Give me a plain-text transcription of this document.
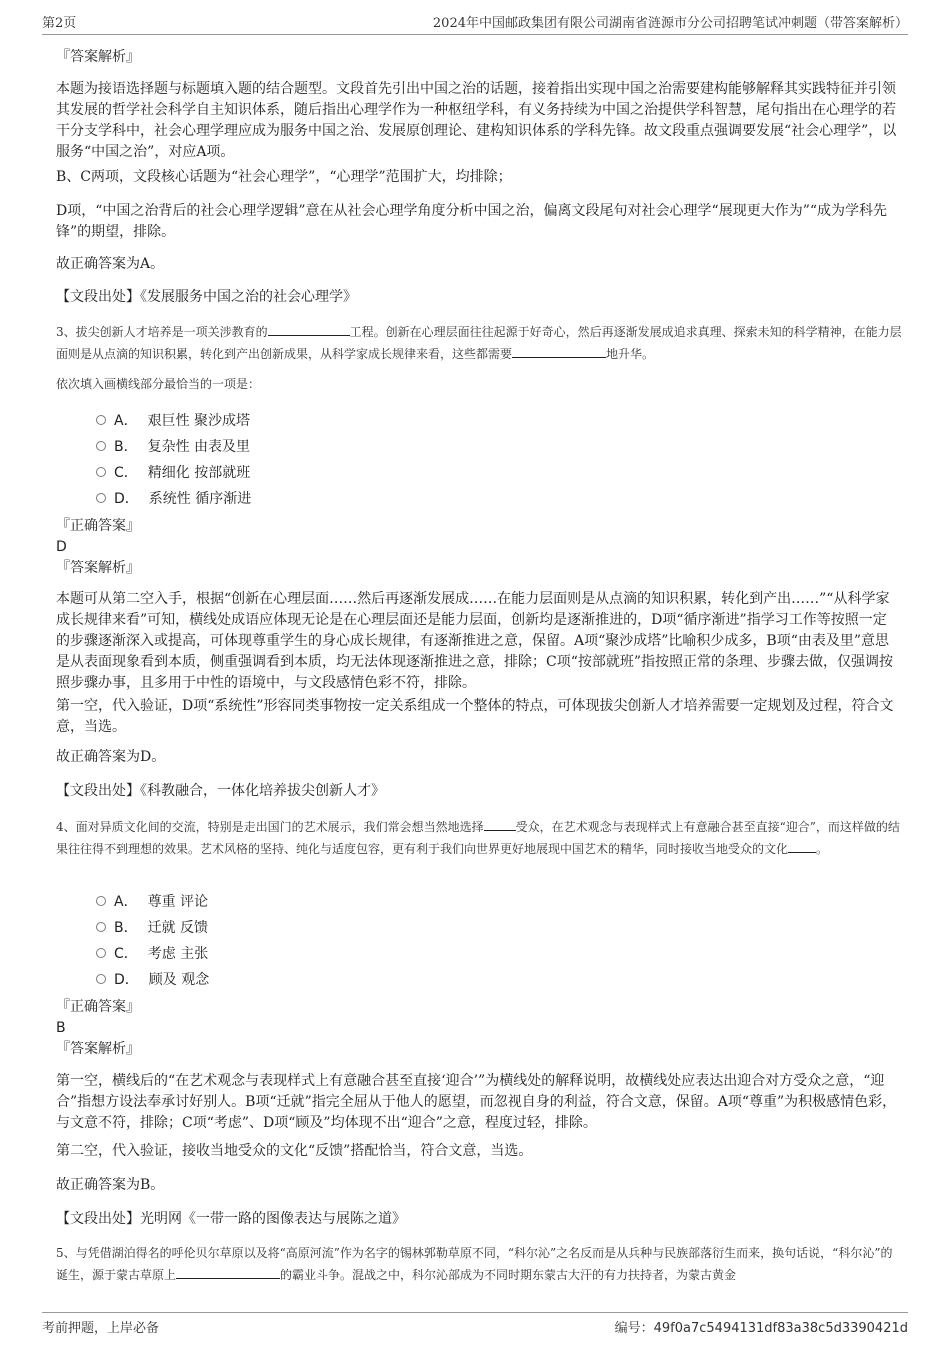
第2页	2024年中国邮政集团有限公司湖南省涟源市分公司招聘笔试冲刺题（带答案解析）
『答案解析』

本题为接语选择题与标题填入题的结合题型。文段首先引出中国之治的话题，接着指出实现中国之治需要建构能够解释其实践特征并引领其发展的哲学社会科学自主知识体系，随后指出心理学作为一种枢纽学科，有义务持续为中国之治提供学科智慧，尾句指出在心理学的若干分支学科中，社会心理学理应成为服务中国之治、发展原创理论、建构知识体系的学科先锋。故文段重点强调要发展“社会心理学”，以服务“中国之治”，对应A项。

B、C两项，文段核心话题为“社会心理学”，“心理学”范围扩大，均排除；

D项，“中国之治背后的社会心理学逻辑”意在从社会心理学角度分析中国之治，偏离文段尾句对社会心理学“展现更大作为”“成为学科先锋”的期望，排除。

故正确答案为A。

【文段出处】《发展服务中国之治的社会心理学》

3、拔尖创新人才培养是一项关涉教育的	工程。创新在心理层面往往起源于好奇心，然后再逐渐发展成追求真理、探索未知的科学精神，在能力层面则是从点滴的知识积累，转化到产出创新成果，从科学家成长规律来看，这些都需要	地升华。

依次填入画横线部分最恰当的一项是：

A． 艰巨性 聚沙成塔
B． 复杂性 由表及里
C． 精细化 按部就班
D． 系统性 循序渐进
『正确答案』
D
『答案解析』

本题可从第二空入手，根据“创新在心理层面……然后再逐渐发展成……在能力层面则是从点滴的知识积累，转化到产出……”“从科学家成长规律来看”可知，横线处成语应体现无论是在心理层面还是能力层面，创新均是逐渐推进的，D项“循序渐进”指学习工作等按照一定的步骤逐渐深入或提高，可体现尊重学生的身心成长规律，有逐渐推进之意，保留。A项“聚沙成塔”比喻积少成多，B项“由表及里”意思是从表面现象看到本质，侧重强调看到本质，均无法体现逐渐推进之意，排除；C项“按部就班”指按照正常的条理、步骤去做，仅强调按照步骤办事，且多用于中性的语境中，与文段感情色彩不符，排除。

第一空，代入验证，D项“系统性”形容同类事物按一定关系组成一个整体的特点，可体现拔尖创新人才培养需要一定规划及过程，符合文意，当选。

故正确答案为D。

【文段出处】《科教融合，一体化培养拔尖创新人才》

4、面对异质文化间的交流，特别是走出国门的艺术展示，我们常会想当然地选择	受众，在艺术观念与表现样式上有意融合甚至直接“迎合”，而这样做的结果往往得不到理想的效果。艺术风格的坚持、纯化与适度包容，更有利于我们向世界更好地展现中国艺术的精华，同时接收当地受众的文化 。

A． 尊重 评论
B． 迁就 反馈
C． 考虑 主张
D． 顾及 观念
『正确答案』
B
『答案解析』

第一空，横线后的“在艺术观念与表现样式上有意融合甚至直接‘迎合’”为横线处的解释说明，故横线处应表达出迎合对方受众之意，“迎合”指想方设法奉承讨好别人。B项“迁就”指完全屈从于他人的愿望，而忽视自身的利益，符合文意，保留。A项“尊重”为积极感情色彩，与文意不符，排除；C项“考虑”、D项“顾及”均体现不出“迎合”之意，程度过轻，排除。

第二空，代入验证，接收当地受众的文化“反馈”搭配恰当，符合文意，当选。

故正确答案为B。

【文段出处】光明网《一带一路的图像表达与展陈之道》

5、与凭借湖泊得名的呼伦贝尔草原以及将“高原河流”作为名字的锡林郭勒草原不同，“科尔沁”之名反而是从兵种与民族部落衍生而来，换句话说，“科尔沁”的诞生，源于蒙古草原上	的霸业斗争。混战之中，科尔沁部成为不同时期东蒙古大汗的有力扶持者，为蒙古黄金

考前押题，上岸必备	编号：49f0a7c5494131df83a38c5d3390421d
